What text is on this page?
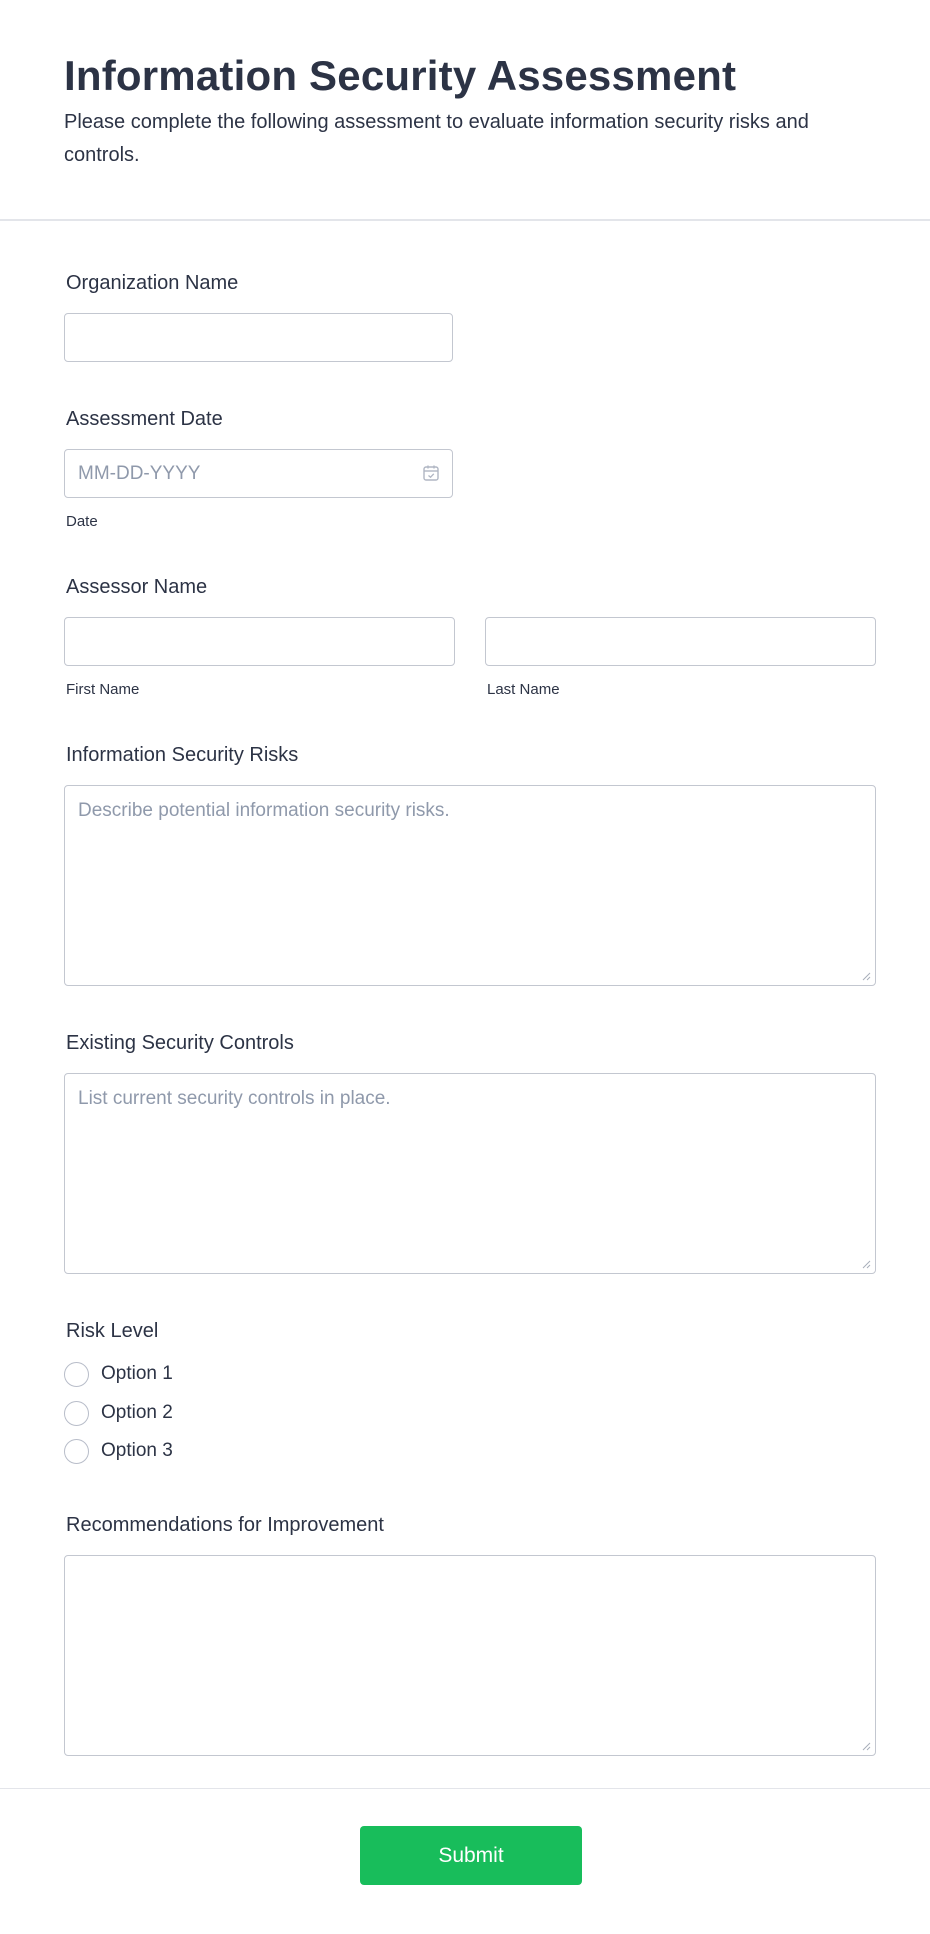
Information Security Assessment
Please complete the following assessment to evaluate information security risks and controls.
Organization Name
Assessment Date
MM-DD-YYYY
Date
Assessor Name
First Name	Last Name
Information Security Risks
Describe potential information security risks.
Existing Security Controls
List current security controls in place.
Risk Level
Option 1
Option 2
Option 3
Recommendations for Improvement
Submit
